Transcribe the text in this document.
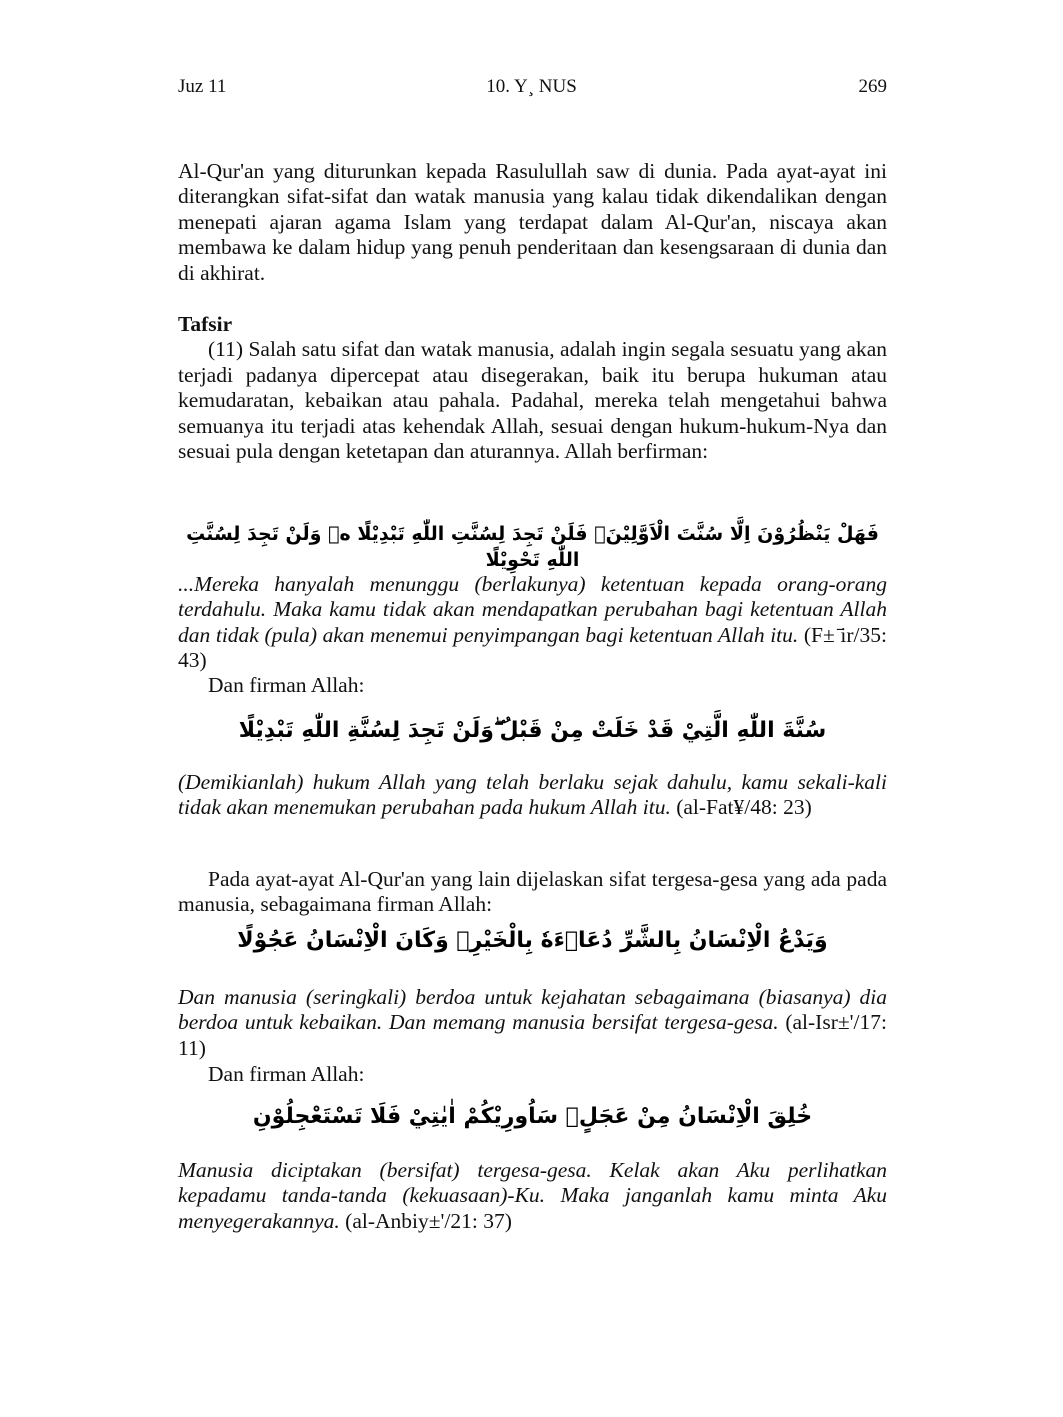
Juz 11	10. Y¸ NUS	269
Al-Qur'an yang diturunkan kepada Rasulullah saw di dunia. Pada ayat-ayat ini diterangkan sifat-sifat dan watak manusia yang kalau tidak dikendalikan dengan menepati ajaran agama Islam yang terdapat dalam Al-Qur'an, niscaya akan membawa ke dalam hidup yang penuh penderitaan dan kesengsaraan di dunia dan di akhirat.
Tafsir
(11) Salah satu sifat dan watak manusia, adalah ingin segala sesuatu yang akan terjadi padanya dipercepat atau disegerakan, baik itu berupa hukuman atau kemudaratan, kebaikan atau pahala. Padahal, mereka telah mengetahui bahwa semuanya itu terjadi atas kehendak Allah, sesuai dengan hukum-hukum-Nya dan sesuai pula dengan ketetapan dan aturannya. Allah berfirman:
فَهَلْ يَنْظُرُوْنَ اِلَّا سُنَّتَ الْاَوَّلِيْنَۚ فَلَنْ تَجِدَ لِسُنَّتِ اللّٰهِ تَبْدِيْلًا ەۚ وَلَنْ تَجِدَ لِسُنَّتِ اللّٰهِ تَحْوِيْلًا
...Mereka hanyalah menunggu (berlakunya) ketentuan kepada orang-orang terdahulu. Maka kamu tidak akan mendapatkan perubahan bagi ketentuan Allah dan tidak (pula) akan menemui penyimpangan bagi ketentuan Allah itu. (F± ̄ir/35: 43)
Dan firman Allah:
سُنَّةَ اللّٰهِ الَّتِيْ قَدْ خَلَتْ مِنْ قَبْلُ ۖوَلَنْ تَجِدَ لِسُنَّةِ اللّٰهِ تَبْدِيْلًا
(Demikianlah) hukum Allah yang telah berlaku sejak dahulu, kamu sekali-kali tidak akan menemukan perubahan pada hukum Allah itu. (al-Fat¥/48: 23)
Pada ayat-ayat Al-Qur'an yang lain dijelaskan sifat tergesa-gesa yang ada pada manusia, sebagaimana firman Allah:
وَيَدْعُ الْاِنْسَانُ بِالشَّرِّ دُعَاۤءَهٗ بِالْخَيْرِۗ وَكَانَ الْاِنْسَانُ عَجُوْلًا
Dan manusia (seringkali) berdoa untuk kejahatan sebagaimana (biasanya) dia berdoa untuk kebaikan. Dan memang manusia bersifat tergesa-gesa. (al-Isr±'/17: 11)
Dan firman Allah:
خُلِقَ الْاِنْسَانُ مِنْ عَجَلٍۗ سَاُورِيْكُمْ اٰيٰتِيْ فَلَا تَسْتَعْجِلُوْنِ
Manusia diciptakan (bersifat) tergesa-gesa. Kelak akan Aku perlihatkan kepadamu tanda-tanda (kekuasaan)-Ku. Maka janganlah kamu minta Aku menyegerakannya. (al-Anbiy±'/21: 37)
